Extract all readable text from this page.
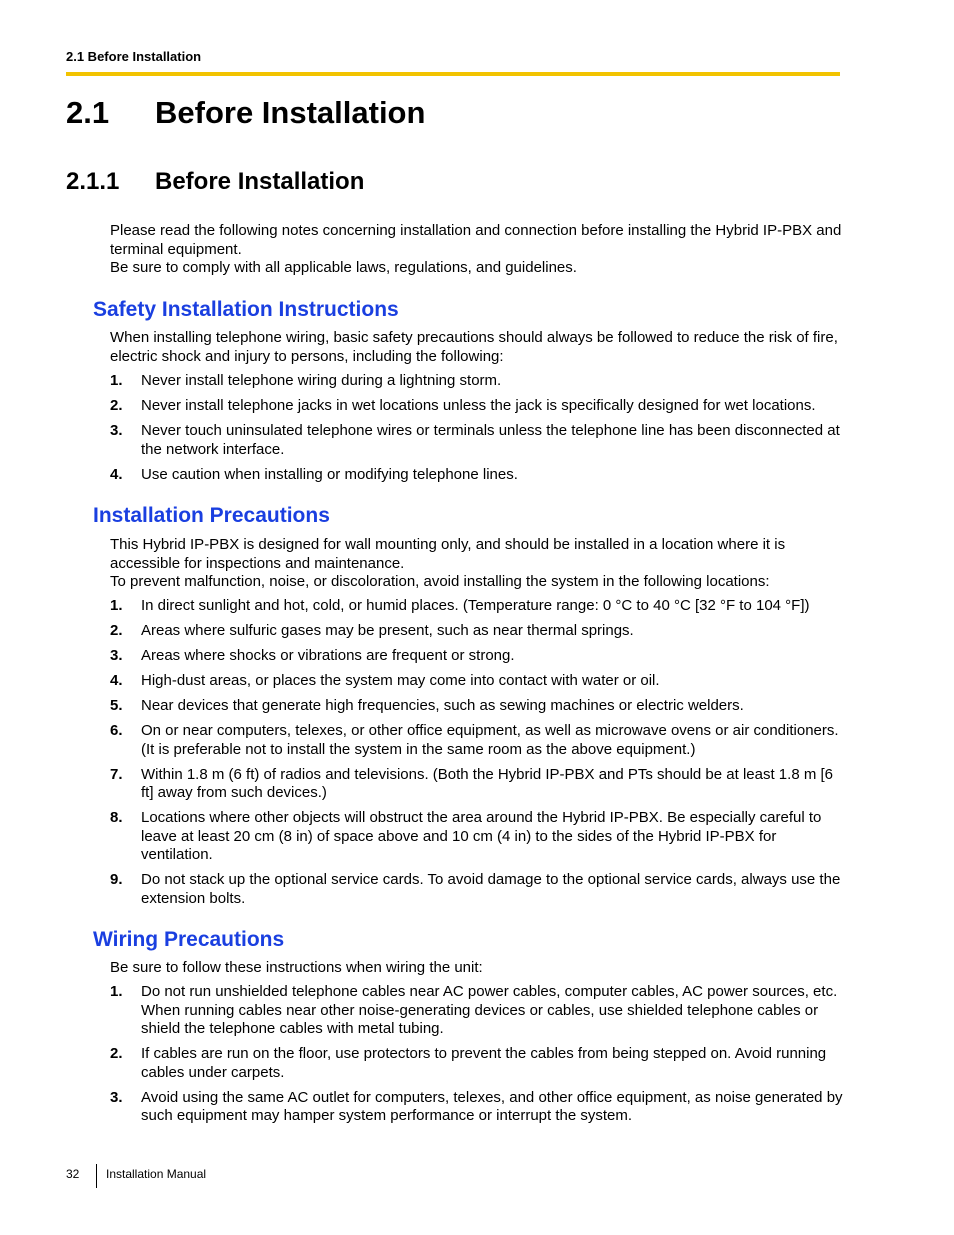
2.1 Before Installation
2.1 Before Installation
2.1.1 Before Installation

Please read the following notes concerning installation and connection before installing the Hybrid IP-PBX and terminal equipment.

Be sure to comply with all applicable laws, regulations, and guidelines.

Safety Installation Instructions

When installing telephone wiring, basic safety precautions should always be followed to reduce the risk of fire, electric shock and injury to persons, including the following:

1.	Never install telephone wiring during a lightning storm.
2.	Never install telephone jacks in wet locations unless the jack is specifically designed for wet locations.
3.	Never touch uninsulated telephone wires or terminals unless the telephone line has been disconnected at the network interface.
4.	Use caution when installing or modifying telephone lines.
Installation Precautions

This Hybrid IP-PBX is designed for wall mounting only, and should be installed in a location where it is accessible for inspections and maintenance.

To prevent malfunction, noise, or discoloration, avoid installing the system in the following locations:

1.	In direct sunlight and hot, cold, or humid places. (Temperature range: 0 °C to 40 °C [32 °F to 104 °F])
2.	Areas where sulfuric gases may be present, such as near thermal springs.
3.	Areas where shocks or vibrations are frequent or strong.
4.	High-dust areas, or places the system may come into contact with water or oil.
5.	Near devices that generate high frequencies, such as sewing machines or electric welders.
6.	On or near computers, telexes, or other office equipment, as well as microwave ovens or air conditioners. (It is preferable not to install the system in the same room as the above equipment.)
7.	Within 1.8 m (6 ft) of radios and televisions. (Both the Hybrid IP-PBX and PTs should be at least 1.8 m [6 ft] away from such devices.)
8.	Locations where other objects will obstruct the area around the Hybrid IP-PBX. Be especially careful to leave at least 20 cm (8 in) of space above and 10 cm (4 in) to the sides of the Hybrid IP-PBX for ventilation.
9.	Do not stack up the optional service cards. To avoid damage to the optional service cards, always use the extension bolts.
Wiring Precautions

Be sure to follow these instructions when wiring the unit:

1.	Do not run unshielded telephone cables near AC power cables, computer cables, AC power sources, etc. When running cables near other noise-generating devices or cables, use shielded telephone cables or shield the telephone cables with metal tubing.
2.	If cables are run on the floor, use protectors to prevent the cables from being stepped on. Avoid running cables under carpets.
3.	Avoid using the same AC outlet for computers, telexes, and other office equipment, as noise generated by such equipment may hamper system performance or interrupt the system.
32 Installation Manual
